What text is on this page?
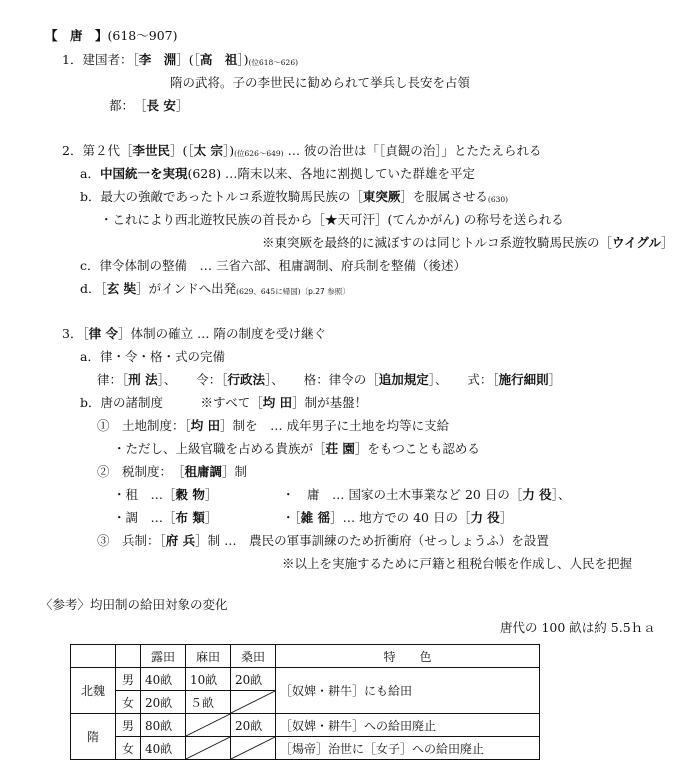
【　唐　】(618～907)
1．建国者：［李　淵］(［高　祖］)(位618～626)
隋の武将。子の李世民に勧められて挙兵し長安を占領
都：　［長 安］
2．第２代［李世民］(［太 宗］)(位626～649) … 彼の治世は「［貞観の治］」とたたえられる
a．中国統一を実現(628) …隋末以来、各地に割拠していた群雄を平定
b．最大の強敵であったトルコ系遊牧騎馬民族の［東突厥］を服属させる(630)
・これにより西北遊牧民族の首長から［★天可汗］(てんかがん) の称号を送られる
※東突厥を最終的に滅ぼすのは同じトルコ系遊牧騎馬民族の［ウイグル］
c．律令体制の整備　… 三省六部、租庸調制、府兵制を整備（後述）
d．［玄 奘］がインドへ出発(629、645に帰国)〔p.27 参照〕
3．［律 令］体制の確立 … 隋の制度を受け継ぐ
a．律・令・格・式の完備
律：［刑 法］、 令：［行政法］、 格：律令の［追加規定］、 式：［施行細則］
b．唐の諸制度　　　※すべて［均 田］制が基盤！
①　土地制度：［均 田］制を　… 成年男子に土地を均等に支給
・ただし、上級官職を占める貴族が［荘 園］をもつことも認める
②　税制度：　［租庸調］制
・租　…［穀 物］	・　庸　… 国家の土木事業など 20 日の［力 役］、
・調　…［布 類］	・［雑 徭］… 地方での 40 日の［力 役］
③　兵制：［府 兵］制 …　農民の軍事訓練のため折衝府（せっしょうふ）を設置
※以上を実施するために戸籍と租税台帳を作成し、人民を把握
〈参考〉均田制の給田対象の変化
唐代の 100 畝は約 5.5ｈａ
		露田	麻田	桑田	特　　色
北魏	男	40畝	10畝	20畝	［奴婢・耕牛］にも給田
	女	20畝	５畝	

隋	男	80畝		20畝	［奴婢・耕牛］への給田廃止
	女	40畝			［煬帝］治世に［女子］への給田廃止
